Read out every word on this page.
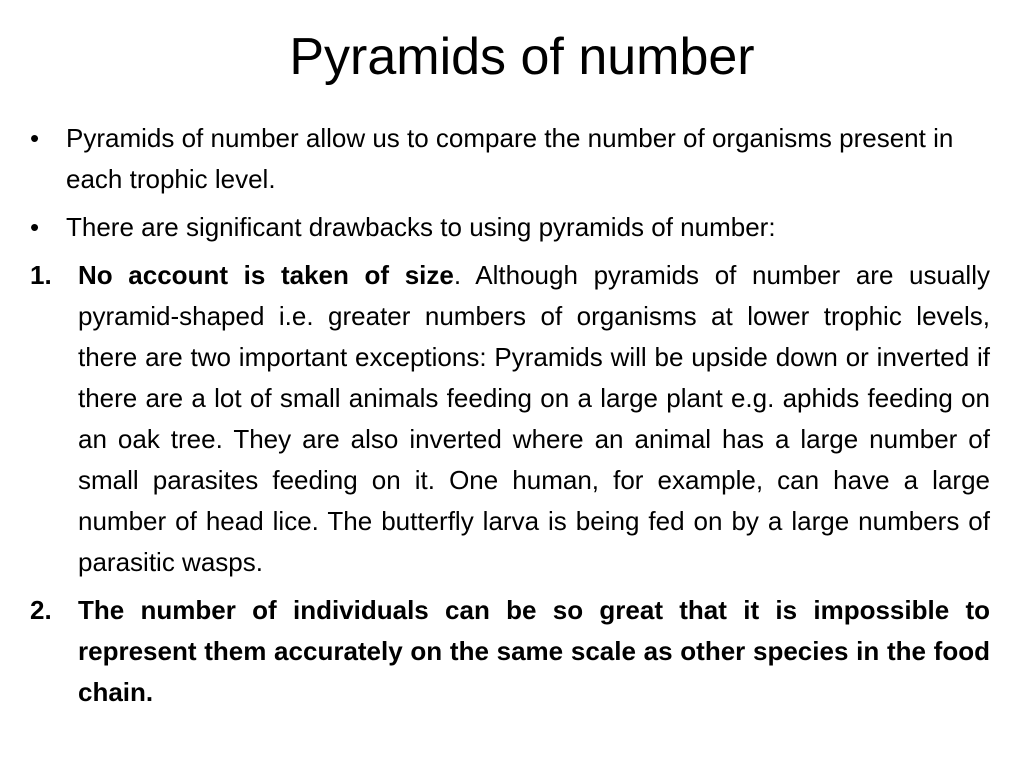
Pyramids of number
•	Pyramids of number allow us to compare the number of organisms present in each trophic level.
•	There are significant drawbacks to using pyramids of number:
1. No account is taken of size. Although pyramids of number are usually pyramid-shaped i.e. greater numbers of organisms at lower trophic levels, there are two important exceptions: Pyramids will be upside down or inverted if there are a lot of small animals feeding on a large plant e.g. aphids feeding on an oak tree. They are also inverted where an animal has a large number of small parasites feeding on it. One human, for example, can have a large number of head lice. The butterfly larva is being fed on by a large numbers of parasitic wasps.
2. The number of individuals can be so great that it is impossible to represent them accurately on the same scale as other species in the food chain.
